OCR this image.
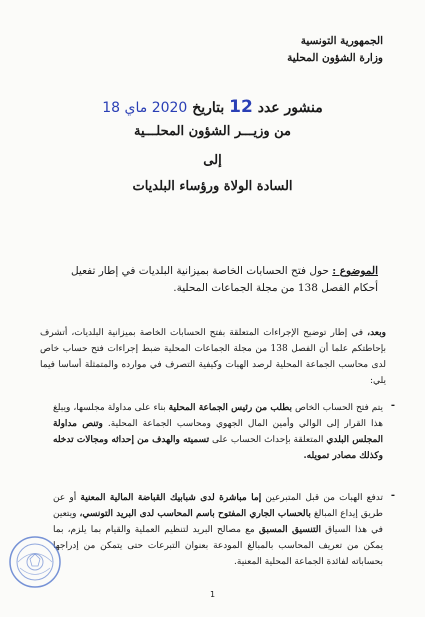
الجمهورية التونسية
وزارة الشؤون المحلية
منشور عدد 12 بتاريخ 2020 ماي 18
من وزيـــر الشؤون المحلـــية
إلى
السادة الولاة ورؤساء البلديات
الموضوع : حول فتح الحسابات الخاصة بميزانية البلديات في إطار تفعيل أحكام الفصل 138 من مجلة الجماعات المحلية.
وبعد، في إطار توضيح الإجراءات المتعلقة بفتح الحسابات الخاصة بميزانية البلديات، أتشرف بإحاطتكم علما أن الفصل 138 من مجلة الجماعات المحلية ضبط إجراءات فتح حساب خاص لدى محاسب الجماعة المحلية لرصد الهبات وكيفية التصرف في موارده والمتمثلة أساسا فيما يلي:
-
يتم فتح الحساب الخاص بطلب من رئيس الجماعة المحلية بناء على مداولة مجلسها، ويبلغ هذا القرار إلى الوالي وأمين المال الجهوي ومحاسب الجماعة المحلية. وتنص مداولة المجلس البلدي المتعلقة بإحداث الحساب على تسميته والهدف من إحداثه ومجالات تدخله وكذلك مصادر تمويله.
-
تدفع الهبات من قبل المتبرعين إما مباشرة لدى شبابيك القباضة المالية المعنية أو عن طريق إيداع المبالغ بالحساب الجاري المفتوح باسم المحاسب لدى البريد التونسي، ويتعين في هذا السياق التنسيق المسبق مع مصالح البريد لتنظيم العملية والقيام بما يلزم، بما يمكن من تعريف المحاسب بالمبالغ المودعة بعنوان التبرعات حتى يتمكن من إدراجها بحساباته لفائدة الجماعة المحلية المعنية.
1
